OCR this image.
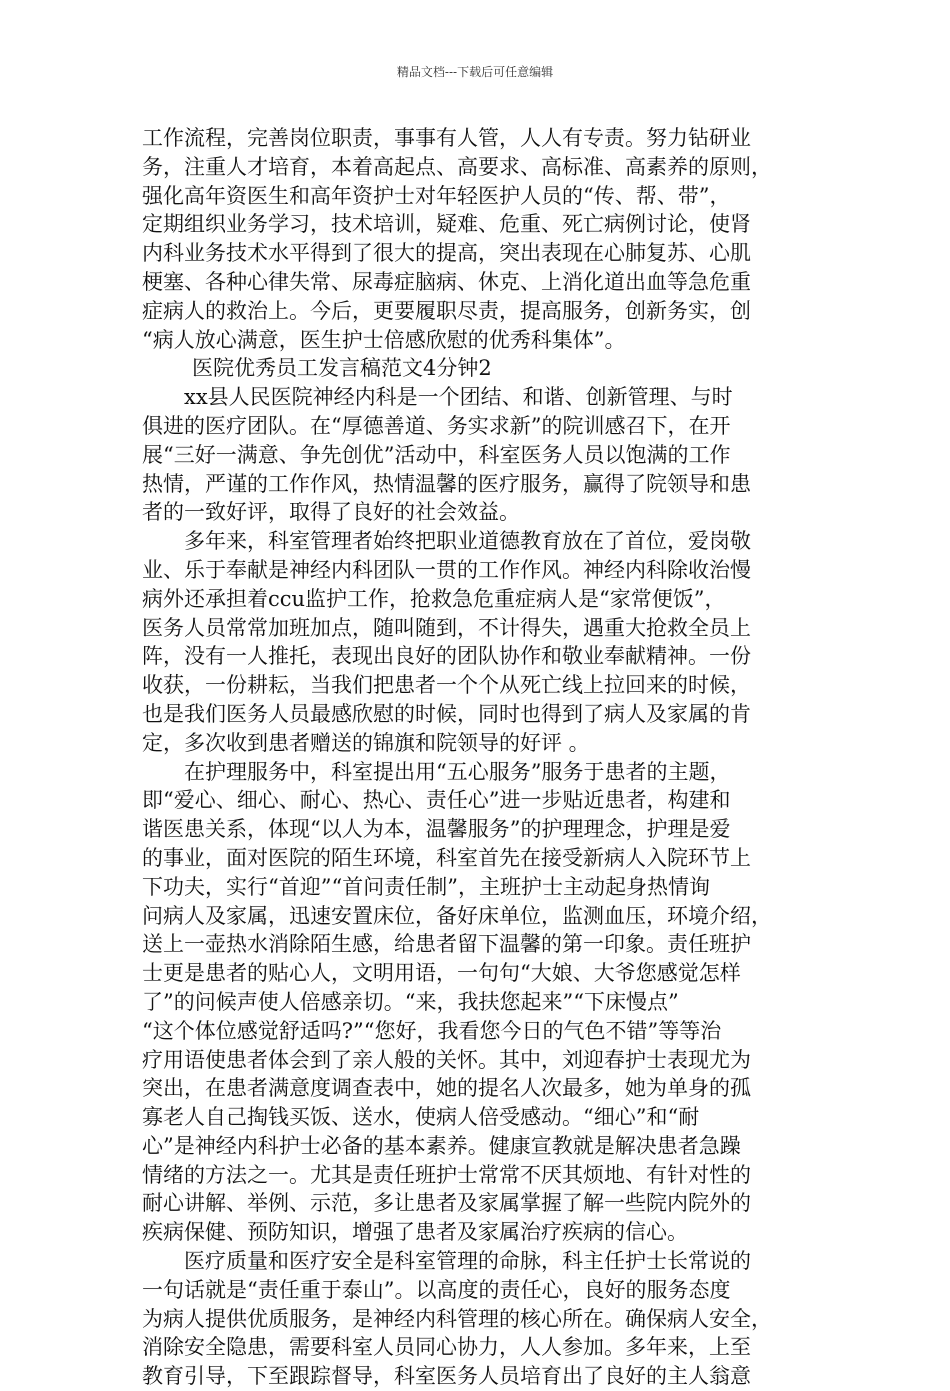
精品文档---下载后可任意编辑
工作流程，完善岗位职责，事事有人管，人人有专责。努力钻研业
务，注重人才培育，本着高起点、高要求、高标准、高素养的原则，
强化高年资医生和高年资护士对年轻医护人员的“传、帮、带”，
定期组织业务学习，技术培训，疑难、危重、死亡病例讨论，使肾
内科业务技术水平得到了很大的提高，突出表现在心肺复苏、心肌
梗塞、各种心律失常、尿毒症脑病、休克、上消化道出血等急危重
症病人的救治上。今后，更要履职尽责，提高服务，创新务实，创
“病人放心满意，医生护士倍感欣慰的优秀科集体”。
医院优秀员工发言稿范文4分钟2
xx县人民医院神经内科是一个团结、和谐、创新管理、与时
俱进的医疗团队。在“厚德善道、务实求新”的院训感召下，在开
展“三好一满意、争先创优”活动中，科室医务人员以饱满的工作
热情，严谨的工作作风，热情温馨的医疗服务，赢得了院领导和患
者的一致好评，取得了良好的社会效益。
多年来，科室管理者始终把职业道德教育放在了首位，爱岗敬
业、乐于奉献是神经内科团队一贯的工作作风。神经内科除收治慢
病外还承担着ccu监护工作，抢救急危重症病人是“家常便饭”，
医务人员常常加班加点，随叫随到，不计得失，遇重大抢救全员上
阵，没有一人推托，表现出良好的团队协作和敬业奉献精神。一份
收获，一份耕耘，当我们把患者一个个从死亡线上拉回来的时候，
也是我们医务人员最感欣慰的时候，同时也得到了病人及家属的肯
定，多次收到患者赠送的锦旗和院领导的好评 。
在护理服务中，科室提出用“五心服务”服务于患者的主题，
即“爱心、细心、耐心、热心、责任心”进一步贴近患者，构建和
谐医患关系，体现“以人为本，温馨服务”的护理理念，护理是爱
的事业，面对医院的陌生环境，科室首先在接受新病人入院环节上
下功夫，实行“首迎”“首问责任制”，主班护士主动起身热情询
问病人及家属，迅速安置床位，备好床单位，监测血压，环境介绍，
送上一壶热水消除陌生感，给患者留下温馨的第一印象。责任班护
士更是患者的贴心人，文明用语，一句句“大娘、大爷您感觉怎样
了”的问候声使人倍感亲切。“来，我扶您起来”“下床慢点”
“这个体位感觉舒适吗?”“您好，我看您今日的气色不错”等等治
疗用语使患者体会到了亲人般的关怀。其中，刘迎春护士表现尤为
突出，在患者满意度调查表中，她的提名人次最多，她为单身的孤
寡老人自己掏钱买饭、送水，使病人倍受感动。“细心”和“耐
心”是神经内科护士必备的基本素养。健康宣教就是解决患者急躁
情绪的方法之一。尤其是责任班护士常常不厌其烦地、有针对性的
耐心讲解、举例、示范，多让患者及家属掌握了解一些院内院外的
疾病保健、预防知识，增强了患者及家属治疗疾病的信心。
医疗质量和医疗安全是科室管理的命脉，科主任护士长常说的
一句话就是“责任重于泰山”。以高度的责任心，良好的服务态度
为病人提供优质服务，是神经内科管理的核心所在。确保病人安全，
消除安全隐患，需要科室人员同心协力，人人参加。多年来，上至
教育引导，下至跟踪督导，科室医务人员培育出了良好的主人翁意
